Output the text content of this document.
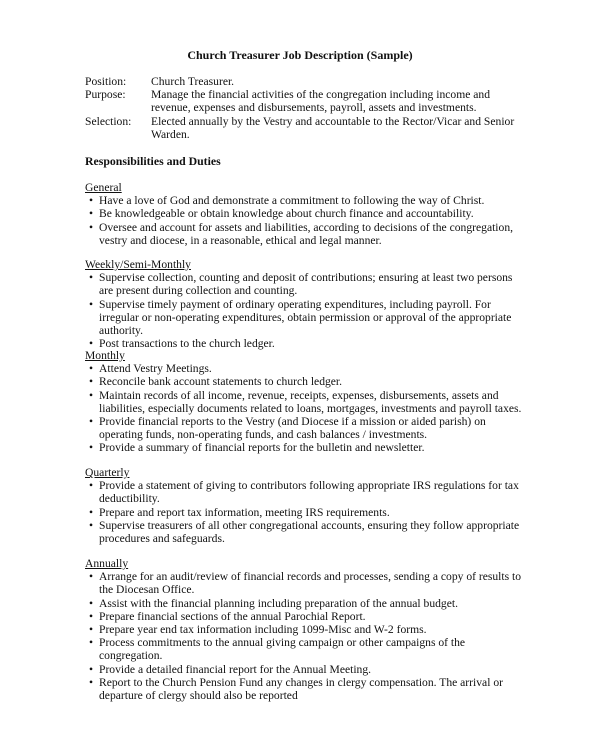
Church Treasurer Job Description (Sample)
Position:	Church Treasurer.
Purpose:	Manage the financial activities of the congregation including income and revenue, expenses and disbursements, payroll, assets and investments.
Selection:	Elected annually by the Vestry and accountable to the Rector/Vicar and Senior Warden.
Responsibilities and Duties
General
• Have a love of God and demonstrate a commitment to following the way of Christ.
• Be knowledgeable or obtain knowledge about church finance and accountability.
• Oversee and account for assets and liabilities, according to decisions of the congregation, vestry and diocese, in a reasonable, ethical and legal manner.
Weekly/Semi-Monthly
• Supervise collection, counting and deposit of contributions; ensuring at least two persons are present during collection and counting.
• Supervise timely payment of ordinary operating expenditures, including payroll. For irregular or non-operating expenditures, obtain permission or approval of the appropriate authority.
• Post transactions to the church ledger.
Monthly
• Attend Vestry Meetings.
• Reconcile bank account statements to church ledger.
• Maintain records of all income, revenue, receipts, expenses, disbursements, assets and liabilities, especially documents related to loans, mortgages, investments and payroll taxes.
• Provide financial reports to the Vestry (and Diocese if a mission or aided parish) on operating funds, non-operating funds, and cash balances / investments.
• Provide a summary of financial reports for the bulletin and newsletter.
Quarterly
• Provide a statement of giving to contributors following appropriate IRS regulations for tax deductibility.
• Prepare and report tax information, meeting IRS requirements.
• Supervise treasurers of all other congregational accounts, ensuring they follow appropriate procedures and safeguards.
Annually
• Arrange for an audit/review of financial records and processes, sending a copy of results to the Diocesan Office.
• Assist with the financial planning including preparation of the annual budget.
• Prepare financial sections of the annual Parochial Report.
• Prepare year end tax information including 1099-Misc and W-2 forms.
• Process commitments to the annual giving campaign or other campaigns of the congregation.
• Provide a detailed financial report for the Annual Meeting.
• Report to the Church Pension Fund any changes in clergy compensation. The arrival or departure of clergy should also be reported
